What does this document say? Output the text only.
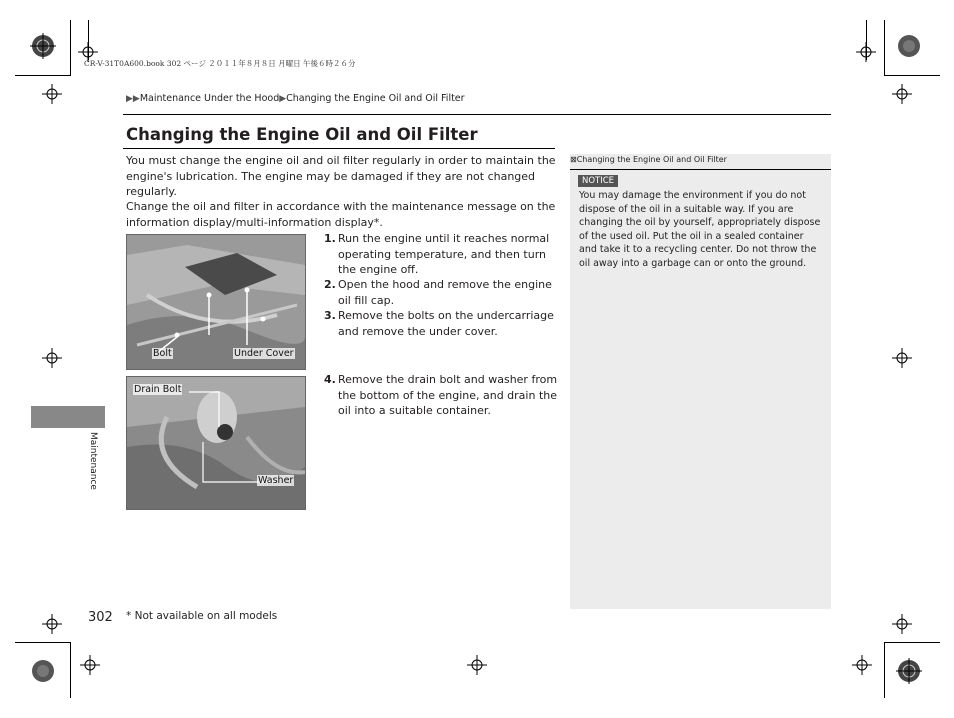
CR-V-31T0A600.book 302 ページ ２０１１年８月８日 月曜日 午後６時２６分
▶▶Maintenance Under the Hood▶Changing the Engine Oil and Oil Filter
Changing the Engine Oil and Oil Filter
You must change the engine oil and oil filter regularly in order to maintain the engine's lubrication. The engine may be damaged if they are not changed regularly.
Change the oil and filter in accordance with the maintenance message on the information display/multi-information display*.
Bolt	Under Cover
1. Run the engine until it reaches normal operating temperature, and then turn the engine off.
2. Open the hood and remove the engine oil fill cap.
3. Remove the bolts on the undercarriage and remove the under cover.
Drain Bolt
Washer
4. Remove the drain bolt and washer from the bottom of the engine, and drain the oil into a suitable container.
⊠Changing the Engine Oil and Oil Filter
NOTICE
You may damage the environment if you do not dispose of the oil in a suitable way. If you are changing the oil by yourself, appropriately dispose of the used oil. Put the oil in a sealed container and take it to a recycling center. Do not throw the oil away into a garbage can or onto the ground.
Maintenance
302 * Not available on all models
